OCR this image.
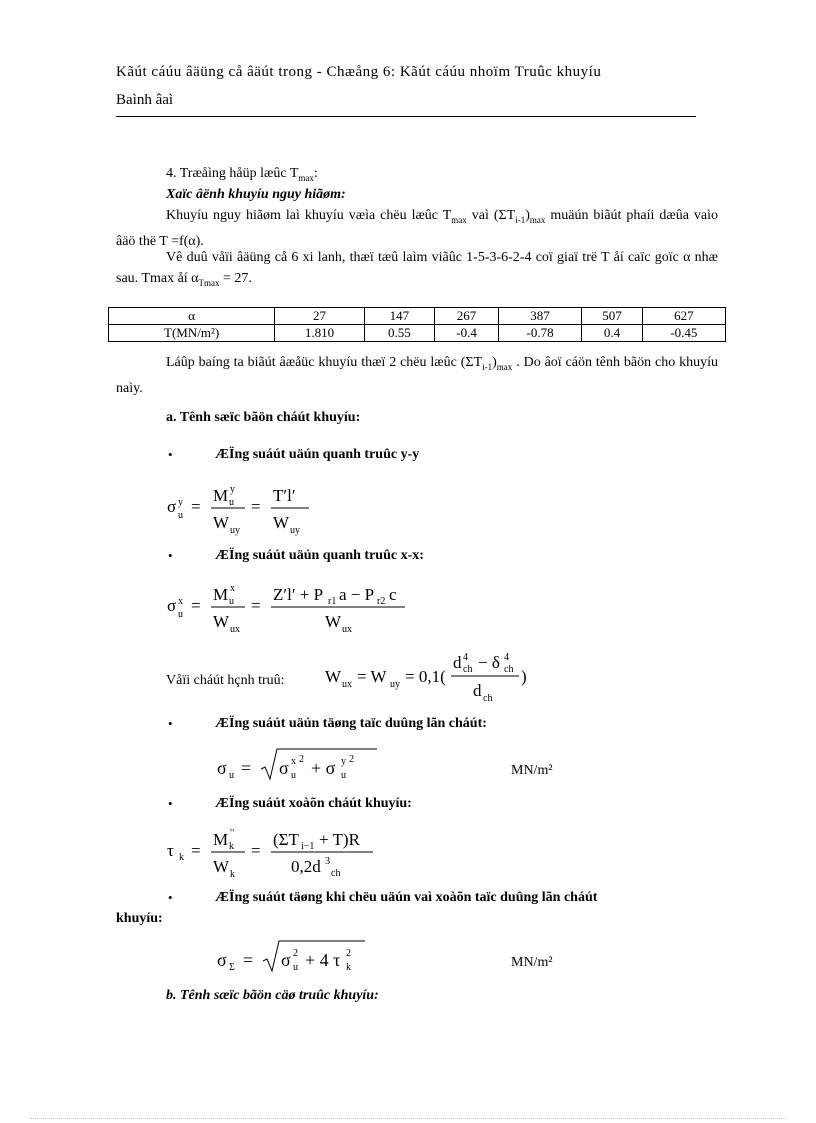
Kãút cáúu âäüng cå âäút trong - Chæång 6: Kãút cáúu nhoïm Truûc khuyíu
Baình âaì
4. Træåìng håüp læûc $T_{max}$:
Xaïc âënh khuyíu nguy hiãøm:
Khuyíu nguy hiãøm laì khuyíu væìa chëu læûc $T_{max}$ vaì $(\Sigma T_{i-1})_{max}$ muäún biãút phaíi dæûa vaìo âäö thë T =f(α).
Vê duû våïi âäüng cå 6 xi lanh, thæï tæû laìm viãûc 1-5-3-6-2-4 coï giaï trë T åí caïc goïc α nhæ sau. Tmax åí $\alpha_{Tmax} = 27$.
α	27	147	267	387	507	627
T(MN/m²)	1.810	0.55	-0.4	-0.78	0.4	-0.45
Láûp baíng ta biãút âæåüc khuyíu thæï 2 chëu læûc $(\Sigma T_{i-1})_{max}$ . Do âoï cáön tênh bãön cho khuyíu naìy.
a. Tênh sæïc bãön cháút khuyíu:
•	ÆÏng suáút uäún quanh truûc y-y
σ y
u =
M y
u
W uy
=
T′l′
W uy
•	ÆÏng suáút uäún quanh truûc x-x:
σ x
u =
M x
u
W ux
=
Z′l′ + P r1 a − P r2 c
W ux
Våïi cháút hçnh truû: W ux = W uy = 0,1(
d 4
ch − δ 4
ch
d ch
)
•	ÆÏng suáút uäún täøng taïc duûng lãn cháút:
σ u = σ x 2
u + σ y 2
u	MN/m²
•	ÆÏng suáút xoàõn cháút khuyíu:
τ k =
M ′′
k
W k
=
(ΣT i−1 + T)R
0,2d 3
ch
•	ÆÏng suáút täøng khi chëu uäún vaì xoàõn taïc duûng lãn cháút
khuyíu:
σ Σ = σ 2
u + 4 τ 2
k	MN/m²
b. Tênh sæïc bãön cäø truûc khuyíu:
